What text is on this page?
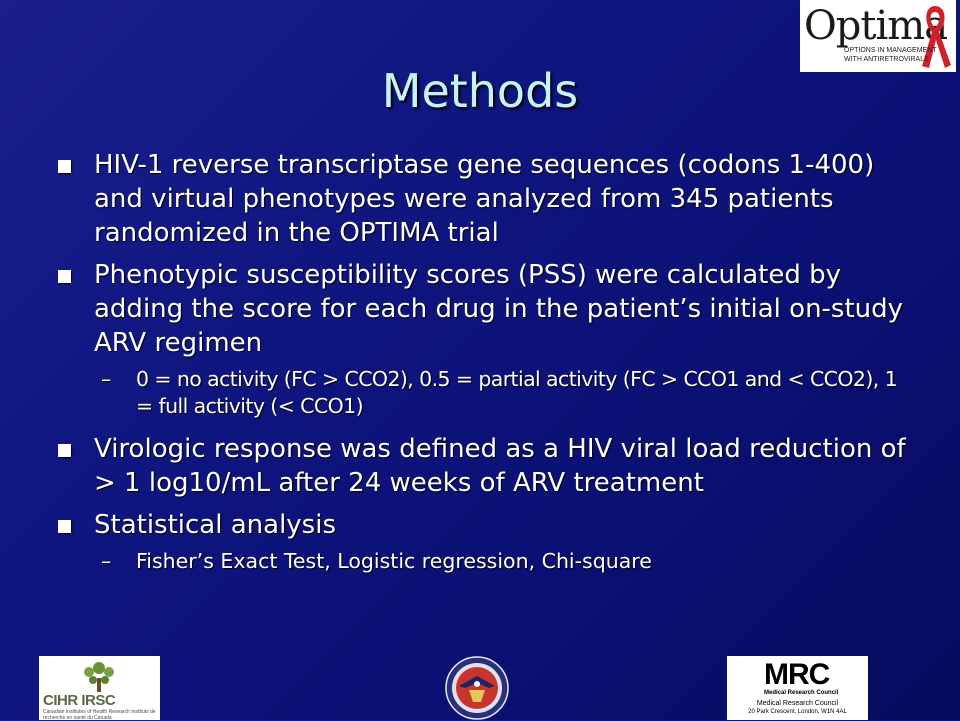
Optima
OPTIONS IN MANAGEMENT
WITH ANTIRETROVIRALS
Methods
HIV-1 reverse transcriptase gene sequences (codons 1-400) and virtual phenotypes were analyzed from 345 patients randomized in the OPTIMA trial
Phenotypic susceptibility scores (PSS) were calculated by adding the score for each drug in the patient’s initial on-study ARV regimen
– 0 = no activity (FC > CCO2), 0.5 = partial activity (FC > CCO1 and < CCO2), 1 = full activity (< CCO1)
Virologic response was defined as a HIV viral load reduction of > 1 log10/mL after 24 weeks of ARV treatment
Statistical analysis
– Fisher’s Exact Test, Logistic regression, Chi-square
CIHR IRSC
Canadian Institutes of Health Research Instituts de recherche en santé du Canada
MRC
Medical Research Council
Medical Research Council
20 Park Crescent, London, W1N 4AL
